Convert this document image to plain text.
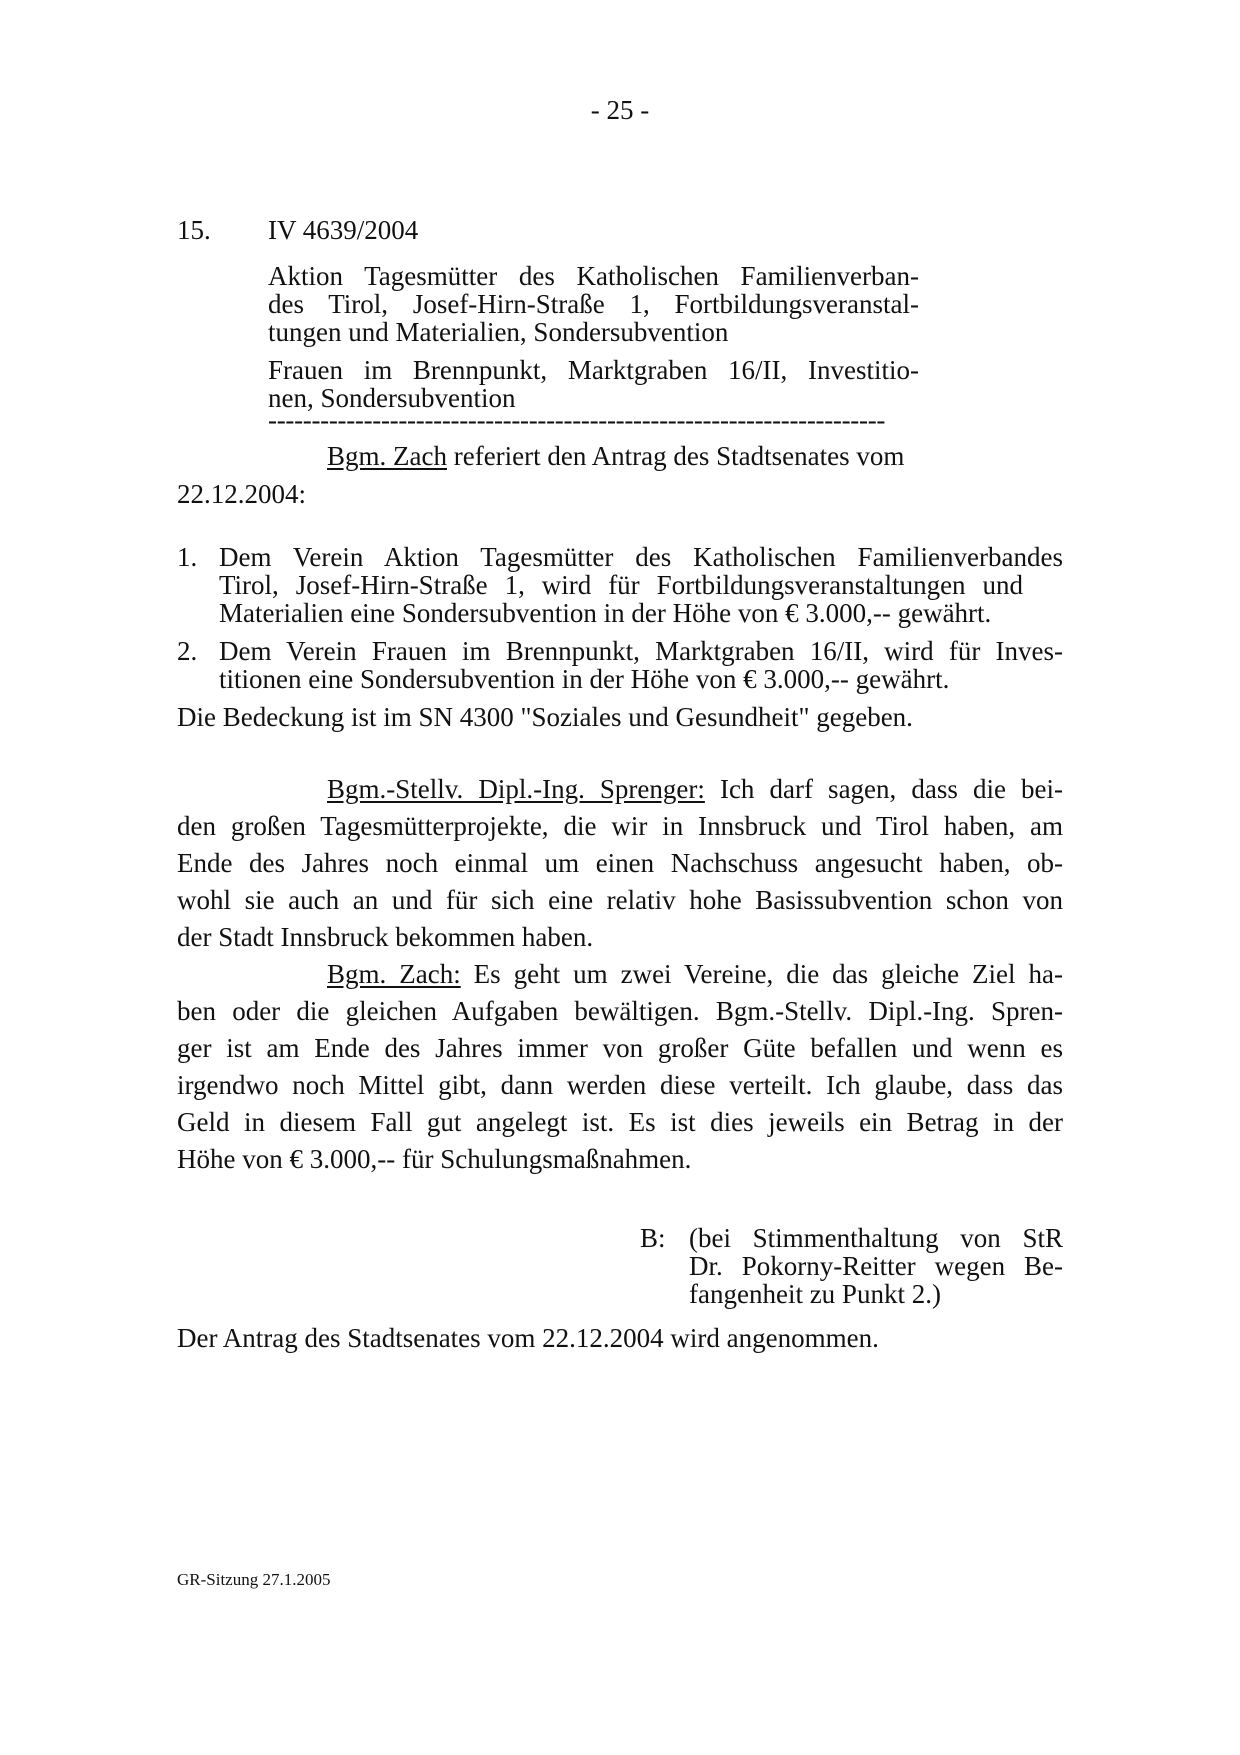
- 25 -
15. IV 4639/2004
Aktion Tagesmütter des Katholischen Familienverban-
des Tirol, Josef-Hirn-Straße 1, Fortbildungsveranstal-
tungen und Materialien, Sondersubvention
Frauen im Brennpunkt, Marktgraben 16/II, Investitio-
nen, Sondersubvention
-----------------------------------------------------------------------
Bgm. Zach referiert den Antrag des Stadtsenates vom
22.12.2004:
1. Dem Verein Aktion Tagesmütter des Katholischen Familienverbandes
Tirol, Josef-Hirn-Straße 1, wird für Fortbildungsveranstaltungen und
Materialien eine Sondersubvention in der Höhe von € 3.000,-- gewährt.
2. Dem Verein Frauen im Brennpunkt, Marktgraben 16/II, wird für Inves-
titionen eine Sondersubvention in der Höhe von € 3.000,-- gewährt.
Die Bedeckung ist im SN 4300 "Soziales und Gesundheit" gegeben.
Bgm.-Stellv. Dipl.-Ing. Sprenger: Ich darf sagen, dass die bei-
den großen Tagesmütterprojekte, die wir in Innsbruck und Tirol haben, am
Ende des Jahres noch einmal um einen Nachschuss angesucht haben, ob-
wohl sie auch an und für sich eine relativ hohe Basissubvention schon von
der Stadt Innsbruck bekommen haben.
Bgm. Zach: Es geht um zwei Vereine, die das gleiche Ziel ha-
ben oder die gleichen Aufgaben bewältigen. Bgm.-Stellv. Dipl.-Ing. Spren-
ger ist am Ende des Jahres immer von großer Güte befallen und wenn es
irgendwo noch Mittel gibt, dann werden diese verteilt. Ich glaube, dass das
Geld in diesem Fall gut angelegt ist. Es ist dies jeweils ein Betrag in der
Höhe von € 3.000,-- für Schulungsmaßnahmen.
B: (bei Stimmenthaltung von StR
Dr. Pokorny-Reitter wegen Be-
fangenheit zu Punkt 2.)
Der Antrag des Stadtsenates vom 22.12.2004 wird angenommen.
GR-Sitzung 27.1.2005
